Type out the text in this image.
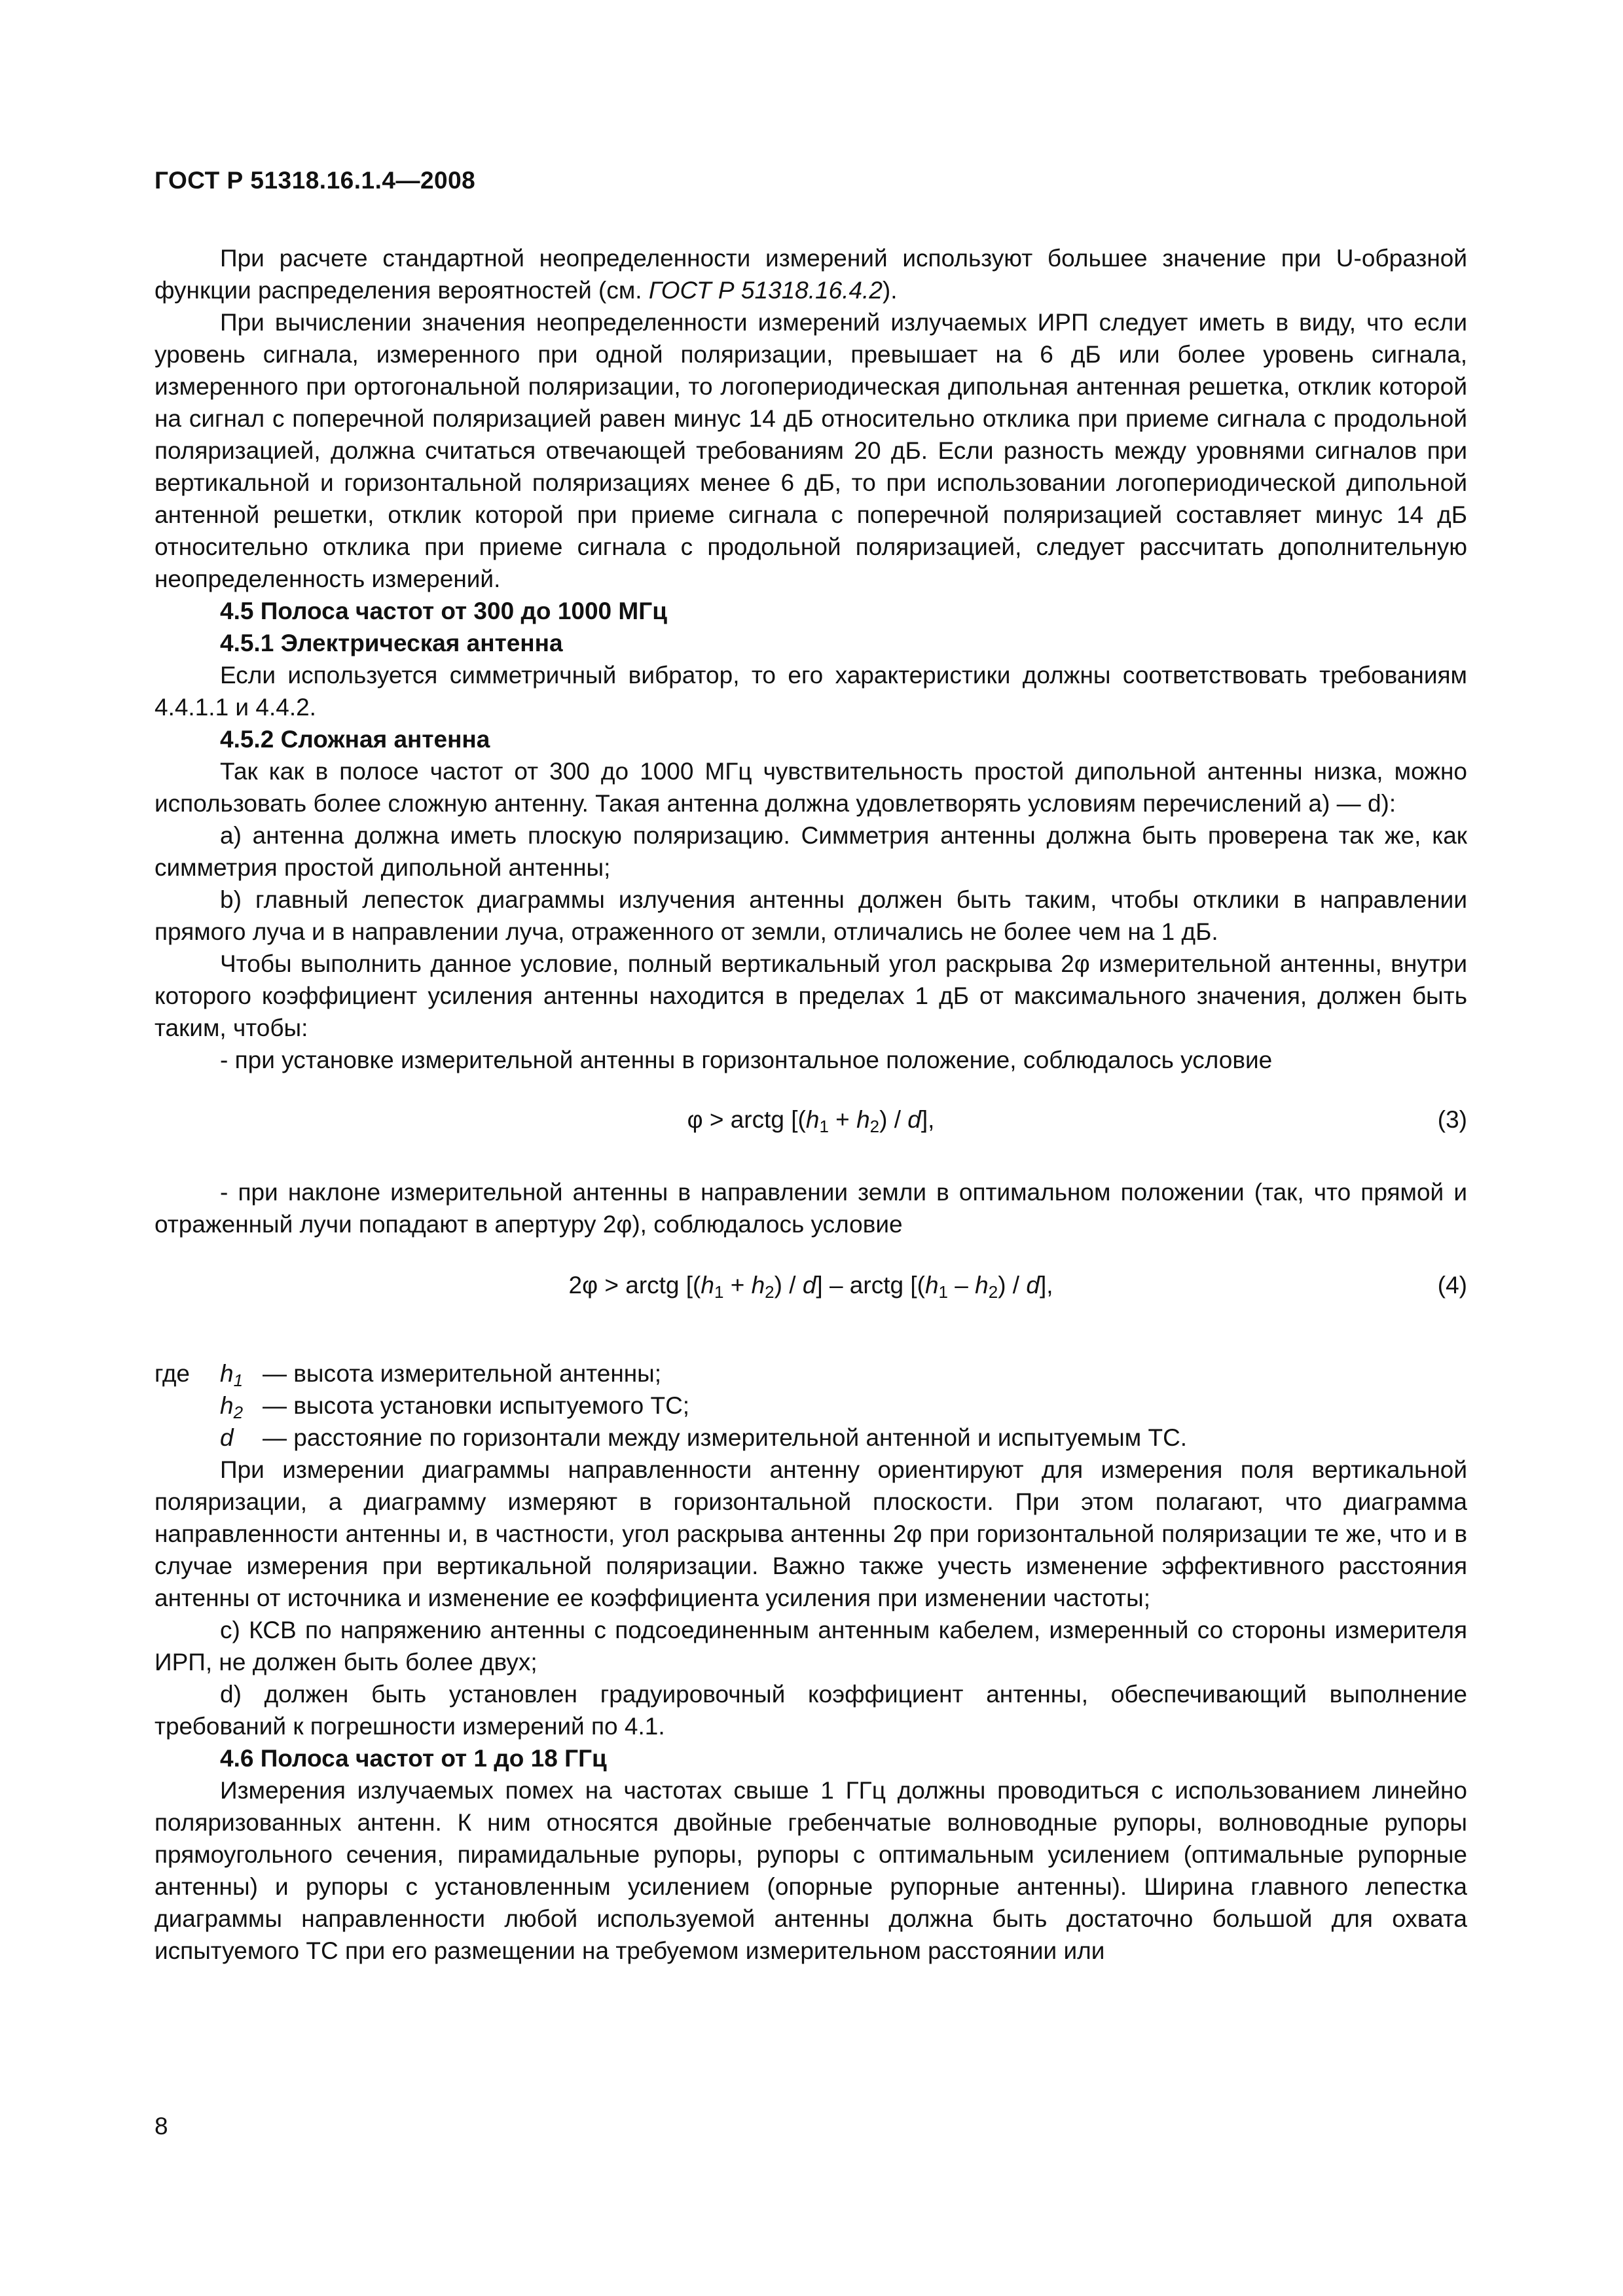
ГОСТ Р 51318.16.1.4—2008

При расчете стандартной неопределенности измерений используют большее значение при U-образной функции распределения вероятностей (см. ГОСТ Р 51318.16.4.2).

При вычислении значения неопределенности измерений излучаемых ИРП следует иметь в виду, что если уровень сигнала, измеренного при одной поляризации, превышает на 6 дБ или более уровень сигнала, измеренного при ортогональной поляризации, то логопериодическая дипольная антенная решетка, отклик которой на сигнал с поперечной поляризацией равен минус 14 дБ относительно отклика при приеме сигнала с продольной поляризацией, должна считаться отвечающей требованиям 20 дБ. Если разность между уровнями сигналов при вертикальной и горизонтальной поляризациях менее 6 дБ, то при использовании логопериодической дипольной антенной решетки, отклик которой при приеме сигнала с поперечной поляризацией составляет минус 14 дБ относительно отклика при приеме сигнала с продольной поляризацией, следует рассчитать дополнительную неопределенность измерений.

4.5 Полоса частот от 300 до 1000 МГц

4.5.1 Электрическая антенна

Если используется симметричный вибратор, то его характеристики должны соответствовать требованиям 4.4.1.1 и 4.4.2.

4.5.2 Сложная антенна

Так как в полосе частот от 300 до 1000 МГц чувствительность простой дипольной антенны низка, можно использовать более сложную антенну. Такая антенна должна удовлетворять условиям перечислений a) — d):

a) антенна должна иметь плоскую поляризацию. Симметрия антенны должна быть проверена так же, как симметрия простой дипольной антенны;

b) главный лепесток диаграммы излучения антенны должен быть таким, чтобы отклики в направлении прямого луча и в направлении луча, отраженного от земли, отличались не более чем на 1 дБ.

Чтобы выполнить данное условие, полный вертикальный угол раскрыва 2φ измерительной антенны, внутри которого коэффициент усиления антенны находится в пределах 1 дБ от максимального значения, должен быть таким, чтобы:

- при установке измерительной антенны в горизонтальное положение, соблюдалось условие

φ > arctg $[(h_1 + h_2) / d]$,	(3)

- при наклоне измерительной антенны в направлении земли в оптимальном положении (так, что прямой и отраженный лучи попадают в апертуру 2φ), соблюдалось условие

2φ > arctg $[(h_1 + h_2) / d]$ – arctg $[(h_1 - h_2) / d]$,	(4)
где	$h_1$ — высота измерительной антенны;
$h_2$ — высота установки испытуемого ТС;
d	— расстояние по горизонтали между измерительной антенной и испытуемым ТС.

При измерении диаграммы направленности антенну ориентируют для измерения поля вертикальной поляризации, а диаграмму измеряют в горизонтальной плоскости. При этом полагают, что диаграмма направленности антенны и, в частности, угол раскрыва антенны 2φ при горизонтальной поляризации те же, что и в случае измерения при вертикальной поляризации. Важно также учесть изменение эффективного расстояния антенны от источника и изменение ее коэффициента усиления при изменении частоты;

c) КСВ по напряжению антенны с подсоединенным антенным кабелем, измеренный со стороны измерителя ИРП, не должен быть более двух;

d) должен быть установлен градуировочный коэффициент антенны, обеспечивающий выполнение требований к погрешности измерений по 4.1.

4.6 Полоса частот от 1 до 18 ГГц

Измерения излучаемых помех на частотах свыше 1 ГГц должны проводиться с использованием линейно поляризованных антенн. К ним относятся двойные гребенчатые волноводные рупоры, волноводные рупоры прямоугольного сечения, пирамидальные рупоры, рупоры с оптимальным усилением (оптимальные рупорные антенны) и рупоры с установленным усилением (опорные рупорные антенны). Ширина главного лепестка диаграммы направленности любой используемой антенны должна быть достаточно большой для охвата испытуемого ТС при его размещении на требуемом измерительном расстоянии или

8
